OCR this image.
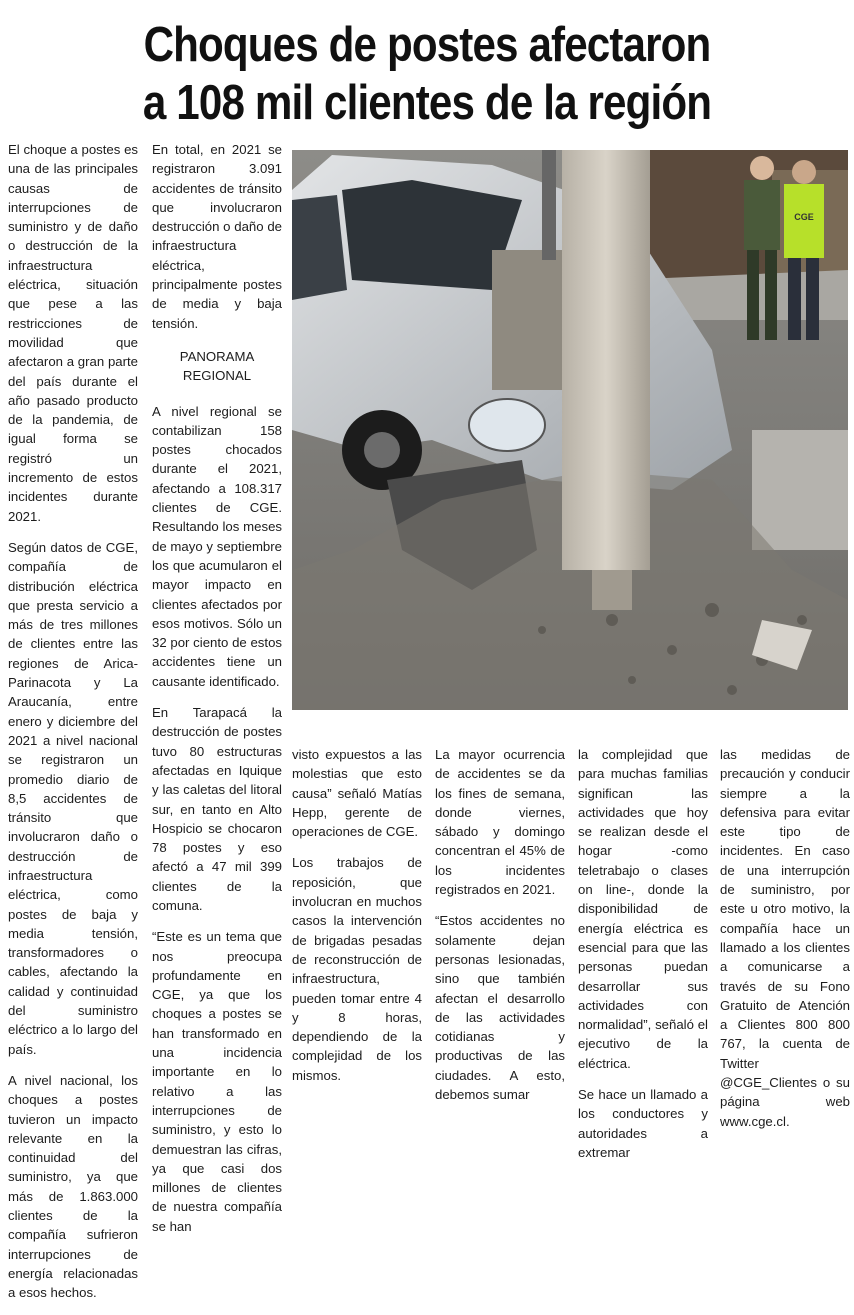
Choques de postes afectaron
a 108 mil clientes de la región

El choque a postes es una de las principales causas de interrupciones de suministro y de daño o destrucción de la infraestructura eléctrica, situación que pese a las restricciones de movilidad que afectaron a gran parte del país durante el año pasado producto de la pandemia, de igual forma se registró un incremento de estos incidentes durante 2021.

Según datos de CGE, compañía de distribución eléctrica que presta servicio a más de tres millones de clientes entre las regiones de Arica-Parinacota y La Araucanía, entre enero y diciembre del 2021 a nivel nacional se registraron un promedio diario de 8,5 accidentes de tránsito que involucraron daño o destrucción de infraestructura eléctrica, como postes de baja y media tensión, transformadores o cables, afectando la calidad y continuidad del suministro eléctrico a lo largo del país.

A nivel nacional, los choques a postes tuvieron un impacto relevante en la continuidad del suministro, ya que más de 1.863.000 clientes de la compañía sufrieron interrupciones de energía relacionadas a esos hechos.

En total, en 2021 se registraron 3.091 accidentes de tránsito que involucraron destrucción o daño de infraestructura eléctrica, principalmente postes de media y baja tensión.

PANORAMA
REGIONAL

A nivel regional se contabilizan 158 postes chocados durante el 2021, afectando a 108.317 clientes de CGE. Resultando los meses de mayo y septiembre los que acumularon el mayor impacto en clientes afectados por esos motivos. Sólo un 32 por ciento de estos accidentes tiene un causante identificado.

En Tarapacá la destrucción de postes tuvo 80 estructuras afectadas en Iquique y las caletas del litoral sur, en tanto en Alto Hospicio se chocaron 78 postes y eso afectó a 47 mil 399 clientes de la comuna.

“Este es un tema que nos preocupa profundamente en CGE, ya que los choques a postes se han transformado en una incidencia importante en lo relativo a las interrupciones de suministro, y esto lo demuestran las cifras, ya que casi dos millones de clientes de nuestra compañía se han

CGE

visto expuestos a las molestias que esto causa” señaló Matías Hepp, gerente de operaciones de CGE.

Los trabajos de reposición, que involucran en muchos casos la intervención de brigadas pesadas de reconstrucción de infraestructura, pueden tomar entre 4 y 8 horas, dependiendo de la complejidad de los mismos.

La mayor ocurrencia de accidentes se da los fines de semana, donde viernes, sábado y domingo concentran el 45% de los incidentes registrados en 2021.

“Estos accidentes no solamente dejan personas lesionadas, sino que también afectan el desarrollo de las actividades cotidianas y productivas de las ciudades. A esto, debemos sumar

la complejidad que para muchas familias significan las actividades que hoy se realizan desde el hogar -como teletrabajo o clases on line-, donde la disponibilidad de energía eléctrica es esencial para que las personas puedan desarrollar sus actividades con normalidad”, señaló el ejecutivo de la eléctrica.

Se hace un llamado a los conductores y autoridades a extremar

las medidas de precaución y conducir siempre a la defensiva para evitar este tipo de incidentes. En caso de una interrupción de suministro, por este u otro motivo, la compañía hace un llamado a los clientes a comunicarse a través de su Fono Gratuito de Atención a Clientes 800 800 767, la cuenta de Twitter @CGE_Clientes o su página web www.cge.cl.
